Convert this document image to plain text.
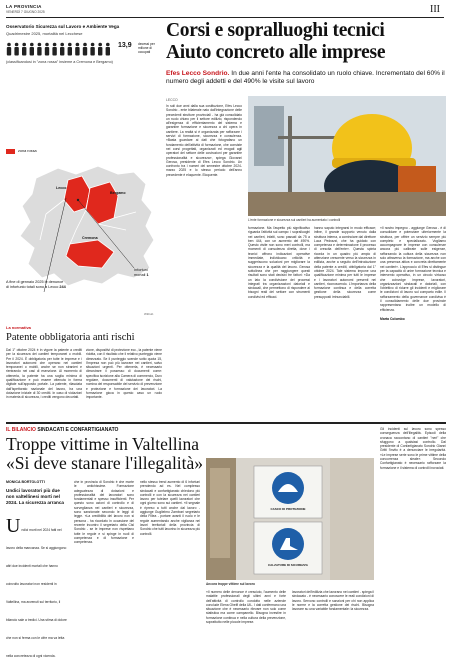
LA PROVINCIA
VENERDÌ 7 GIUGNO 2025	III
Osservatorio Sicurezza sul Lavoro e Ambiente Vega
Quadrimestre 2025, mortalità nel Lecchese
13,9 decessi per milione di occupati
(classificandosi in "zona rossa" insieme a Cremona e Bergamo)
zona rossa
Lecco
Bergamo
Cremona
A fine di gennaio 2025 le denunce di infortunio totali sono a Lecco 244
Infortuni mortali 1
Withub
Corsi e sopralluoghi tecnici
Aiuto concreto alle imprese
Efes Lecco Sondrio. In due anni l'ente ha consolidato un ruolo chiave. Incrementato del 60% il numero degli addetti e del 490% le visite sul lavoro
L'ente formazione e sicurezza sui cantieri ha aumentato i controlli
LECCO
In soli due anni dalla sua costituzione, Efes Lecco Sondrio - ente bilaterale nato dall'integrazione delle precedenti strutture provinciali - ha già consolidato un ruolo chiaro per il settore edilizio, rispondendo all'esigenza di efficientamento del sistema e garantire formazione e sicurezza a chi opera in cantiere. La realtà si è organizzata per rafforzare i servizi di formazione, sicurezza e consulenza. «Basta guardare ai dati che fotografano un fondamento dell'attività di formazione, che consiste nei corsi progettati, organizzati ed erogati agli operatori del settore delle costruzioni per garantire professionalità e sicurezza», spiega Giovanni Gerosa, presidente di Efes Lecco Sondrio. Un confronto tra i numeri del semestre ottobre 2024-marzo 2025 e lo stesso periodo dell'anno precedente è eloquente. Eloquente.
formazione. Ma l'aspetto più significativo riguarda l'attività sul campo: i sopralluoghi nei cantieri, infatti, sono passati da 75 a ben 444, con un aumento del 490%. Questo visite non sono meri controlli, ma momenti di consulenza diretta, dove i tecnici offrono indicazioni operative immediate, individuano criticità e suggeriscono soluzioni per migliorare la sicurezza e la qualità del lavoro. Gerosa sottolinea che per raggiungere questi risultati sono stati decisivi tre fattori: «Da un lato la condivisione dei processi integrati tra organizzazioni datoriali e sindacali, che permettono di rispondere ai bisogni reali del settore con strumenti condivisi ed efficaci.
hanno saputo integrarsi in modo efficace; infine, il grande supporto venuto dalla struttura interna, a cominciare dal direttore Luca Pedrazzi, che ha guidato con competenza e determinazione il processo di crescita dell'ente». Questa spinta ricorda in un quadro più ampio di attenzione crescente verso la sicurezza in edilizia, anche a seguito dell'introduzione della patente a crediti, obbligatoria dal 1° ottobre 2024. Tale sistema impone una qualificazione minima per tutti le imprese e i lavoratori autonomi presenti nei cantieri, riconoscendo. L'importanza della formazione continua e della corretta gestione della sicurezza come presupposti irrinunciabili.
«Il nostro impegno - aggiunge Gerosa - è di consolidare e potenziare ulteriormente la struttura, per offrire un servizio sempre più completo e specializzato. Vogliamo accompagnare le imprese con consulenze ancora più calibrate sulle esigenze, rafforzando la cultura della sicurezza non solo attraverso la formazione, ma anche con una presenza attiva e concreta direttamente nei cantieri». L'approccio di Efes si distingue per la capacità di unire formazione tecnica e intervento operativo, in un circolo virtuoso che coinvolge imprese, lavoratori, organizzazioni sindacali e datoriali, con l'obiettivo di ridurre gli incidenti e migliorare le condizioni di lavoro sul comparto edile. Il rafforzamento della governance condivisa è il consolidamento delle due provincie rappresentano inoltre un modello di efficienza.
Marta Colombo
La normativa
Patente obbligatoria anti rischi
Dal 1° ottobre 2024 è in vigore la patente a crediti per la sicurezza dei cantieri temporanei o mobili. Per il 2024. È obbligatoria per tutte le imprese e i lavoratori autonomi che operano nei cantieri temporanei o mobili, anche se non stranieri e rientrando nei casi di esenzione. Al momento di ottenerla, la patente ha una soglia minima di qualificazione e può essere ottenuta in forma digitale sull'apposito portale. La patente, rilasciata dall'Ispettorato nazionale del lavoro, ha una dotazione iniziale di 30 crediti. In caso di violazioni in materia di sicurezza, i crediti vengono decurtati.
zione, dispositivi di protezione ecc., la patente viene ridotta, con il risultato che il relativo punteggio viene dimezzato. Se il punteggio scende sotto quota 15, l'impresa non può più lavorare nei cantieri, salvo situazioni urgenti. Per ottenerla, è necessario dimostrare il possesso di documenti come: specifica iscrizione alla Camera di commercio, Durc regolare, documenti di valutazione dei rischi, nomina del responsabile del servizio di prevenzione e protezione e formazione dei lavoratori. La formazione gioca in questo caso un ruolo importante.
IL BILANCIO SINDACATI E CONFARTIGIANATO
Troppe vittime in Valtellina
«Si deve stanare l'illegalità»
MONICA BORTOLOTTI
Undici lavoratori più due non valtellinesi morti nel 2024. La sicurezza arranca
U ndici morti nel 2024 fatti nel lavoro della mancanza. Se si aggiungono altri due incidenti mortali che hanno coinvolto lavoratori non residenti in Valtellina, ma avvenuti sul territorio, il bilancio sale a tredici. Una stima di dolore che non si ferma con le cifre ma va letta nella concretezza di ogni vicenda.
che in provincia di Sondrio è che morte le antichissime. Formazione adeguatezza di dotazioni e professionalità dei lavoratori sono fondamentali e spesso insufficienti. Per questo sono azioni di controllo e di sorveglianza nei cantieri e sicurezza, sono sanzionate secondo le leggi di legge. «La credibilità del lavoro non si persona - ha ricordato in occasione del recente incontro il segretario della Cisl Sondrio - se le imprese non rispettano tutte le regole e si spinge in ruoli di competenza e di formazione e competenza.
nello stesso trend aumento di 6 infortuni prendendo ad es. Nel complesso sindacati e confartigianato chiedono più controlli e con la sicurezza nei cantieri lavoro per tutelare quelli lavoratori che ogni giorno sono sui cantieri. «Il segnale è ripreso a tutti anche dal lavoro - aggiunge Guglielmo Zamboni segretario della Fillea - portare avanti il ruolo e le regole aumentando anche vigilanza nei lavori territoriali della provincia di Sondrio che tutti lavorino in sicurezza più controlli.
CASCO DI PROTEZIONE
CALZATURE DI SICUREZZA
Ancora troppe vittime sul lavoro
«Il numero delle denunce è cresciuto, l'aumento delle malattie professionali degli ultimi anni e forte dell'attività di controllo condotto nelle aziende conclude Elena Ghelfi della UIL. I dati confermano una situazione che è necessario rilevare non solo come statistica ma come campanello. Bisogna investire in formazione continua e nella cultura della prevenzione, soprattutto nelle piccole imprese.
lavoratori dell'edilizia che lavorano nei cantieri - spiega il sindacato - è necessario conoscere le reali condizioni di lavoro. Servono controlli e sanzioni per chi non applica le norme e la corretta gestione dei rischi. Bisogna lavorare su una variabile fondamentale: la sicurezza.
Gli incidenti sul lavoro sono spesso conseguenza dell'illegalità. Episodi della cronaca raccontano di cantieri "neri" che sfuggono a qualsiasi controllo. Dal presidente di Confartigianato Sondrio Gianni Gritti l'invito è a denunciare le irregolarità. «Le imprese serie sono le prime vittime della concorrenza sleale». Secondo Confartigianato è necessario rafforzare la formazione e il sistema di controlli incrociati.
